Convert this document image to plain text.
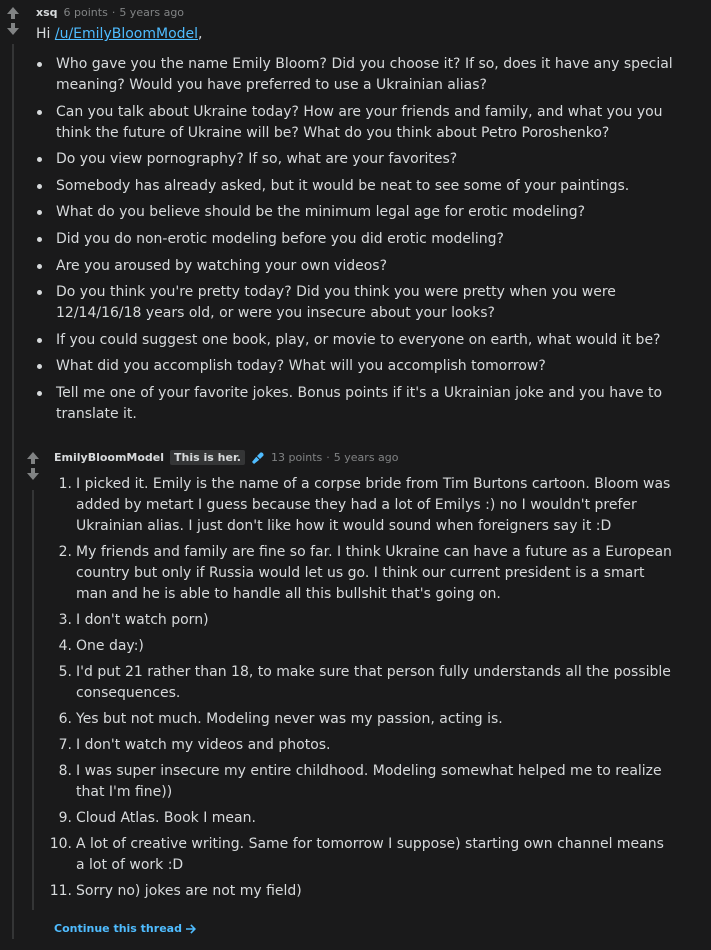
xsq 6 points · 5 years ago

Hi /u/EmilyBloomModel,

Who gave you the name Emily Bloom? Did you choose it? If so, does it have any special meaning? Would you have preferred to use a Ukrainian alias?
Can you talk about Ukraine today? How are your friends and family, and what you you think the future of Ukraine will be? What do you think about Petro Poroshenko?
Do you view pornography? If so, what are your favorites?
Somebody has already asked, but it would be neat to see some of your paintings.
What do you believe should be the minimum legal age for erotic modeling?
Did you do non-erotic modeling before you did erotic modeling?
Are you aroused by watching your own videos?
Do you think you're pretty today? Did you think you were pretty when you were 12/14/16/18 years old, or were you insecure about your looks?
If you could suggest one book, play, or movie to everyone on earth, what would it be?
What did you accomplish today? What will you accomplish tomorrow?
Tell me one of your favorite jokes. Bonus points if it's a Ukrainian joke and you have to translate it.
EmilyBloomModel This is her.	13 points · 5 years ago
1. I picked it. Emily is the name of a corpse bride from Tim Burtons cartoon. Bloom was added by metart I guess because they had a lot of Emilys :) no I wouldn't prefer Ukrainian alias. I just don't like how it would sound when foreigners say it :D
2. My friends and family are fine so far. I think Ukraine can have a future as a European country but only if Russia would let us go. I think our current president is a smart man and he is able to handle all this bullshit that's going on.
3. I don't watch porn)
4. One day:)
5. I'd put 21 rather than 18, to make sure that person fully understands all the possible consequences.
6. Yes but not much. Modeling never was my passion, acting is.
7. I don't watch my videos and photos.
8. I was super insecure my entire childhood. Modeling somewhat helped me to realize that I'm fine))
9. Cloud Atlas. Book I mean.
10. A lot of creative writing. Same for tomorrow I suppose) starting own channel means a lot of work :D
11. Sorry no) jokes are not my field)
Continue this thread
